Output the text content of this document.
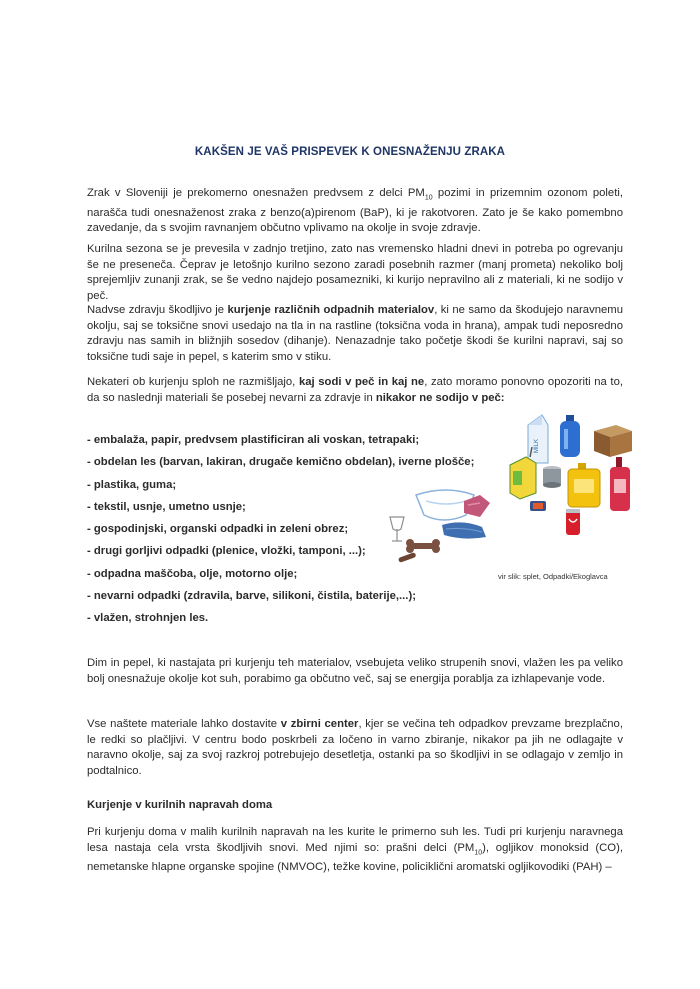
KAKŠEN JE VAŠ PRISPEVEK K ONESNAŽENJU ZRAKA

Zrak v Sloveniji je prekomerno onesnažen predvsem z delci $PM_{10}$ pozimi in prizemnim ozonom poleti, narašča tudi onesnaženost zraka z benzo(a)pirenom (BaP), ki je rakotvoren. Zato je še kako pomembno zavedanje, da s svojim ravnanjem občutno vplivamo na okolje in svoje zdravje.

Kurilna sezona se je prevesila v zadnjo tretjino, zato nas vremensko hladni dnevi in potreba po ogrevanju še ne presenečа. Čeprav je letošnjo kurilno sezono zaradi posebnih razmer (manj prometa) nekoliko bolj sprejemljiv zunanji zrak, se še vedno najdejo posamezniki, ki kurijo nepravilno ali z materiali, ki ne sodijo v peč.

Nadvse zdravju škodljivo je kurjenje različnih odpadnih materialov, ki ne samo da škodujejo naravnemu okolju, saj se toksične snovi usedajo na tla in na rastline (toksična voda in hrana), ampak tudi neposredno zdravju nas samih in bližnjih sosedov (dihanje). Nenazadnje tako početje škodi še kurilni napravi, saj so toksične tudi saje in pepel, s katerim smo v stiku.

Nekateri ob kurjenju sploh ne razmišljajo, kaj sodi v peč in kaj ne, zato moramo ponovno opozoriti na to, da so naslednji materiali še posebej nevarni za zdravje in nikakor ne sodijo v peč:

- embalaža, papir, predvsem plastificiran ali voskan, tetrapaki;
- obdelan les (barvan, lakiran, drugače kemično obdelan), iverne plošče;
- plastika, guma;
- tekstil, usnje, umetno usnje;
- gospodinjski, organski odpadki in zeleni obrez;
- drugi gorljivi odpadki (plenice, vložki, tamponi, ...);
- odpadna maščoba, olje, motorno olje;
- nevarni odpadki (zdravila, barve, silikoni, čistila, baterije,...);
- vlažen, strohnjen les.
MILK
vir slik: splet, Odpadki/Ekoglavca

Dim in pepel, ki nastajata pri kurjenju teh materialov, vsebujeta veliko strupenih snovi, vlažen les pa veliko bolj onesnažuje okolje kot suh, porabimo ga občutno več, saj se energija porablja za izhlapevanje vode.

Vse naštete materiale lahko dostavite v zbirni center, kjer se večina teh odpadkov prevzame brezplačno, le redki so plačljivi. V centru bodo poskrbeli za ločeno in varno zbiranje, nikakor pa jih ne odlagajte v naravno okolje, saj za svoj razkroj potrebujejo desetletja, ostanki pa so škodljivi in se odlagajo v zemljo in podtalnico.

Kurjenje v kurilnih napravah doma

Pri kurjenju doma v malih kurilnih napravah na les kurite le primerno suh les. Tudi pri kurjenju naravnega lesa nastaja cela vrsta škodljivih snovi. Med njimi so: prašni delci $(PM_{10})$, ogljikov monoksid (CO), nemetanske hlapne organske spojine (NMVOC), težke kovine, policiklični aromatski ogljikovodiki (PAH) –
